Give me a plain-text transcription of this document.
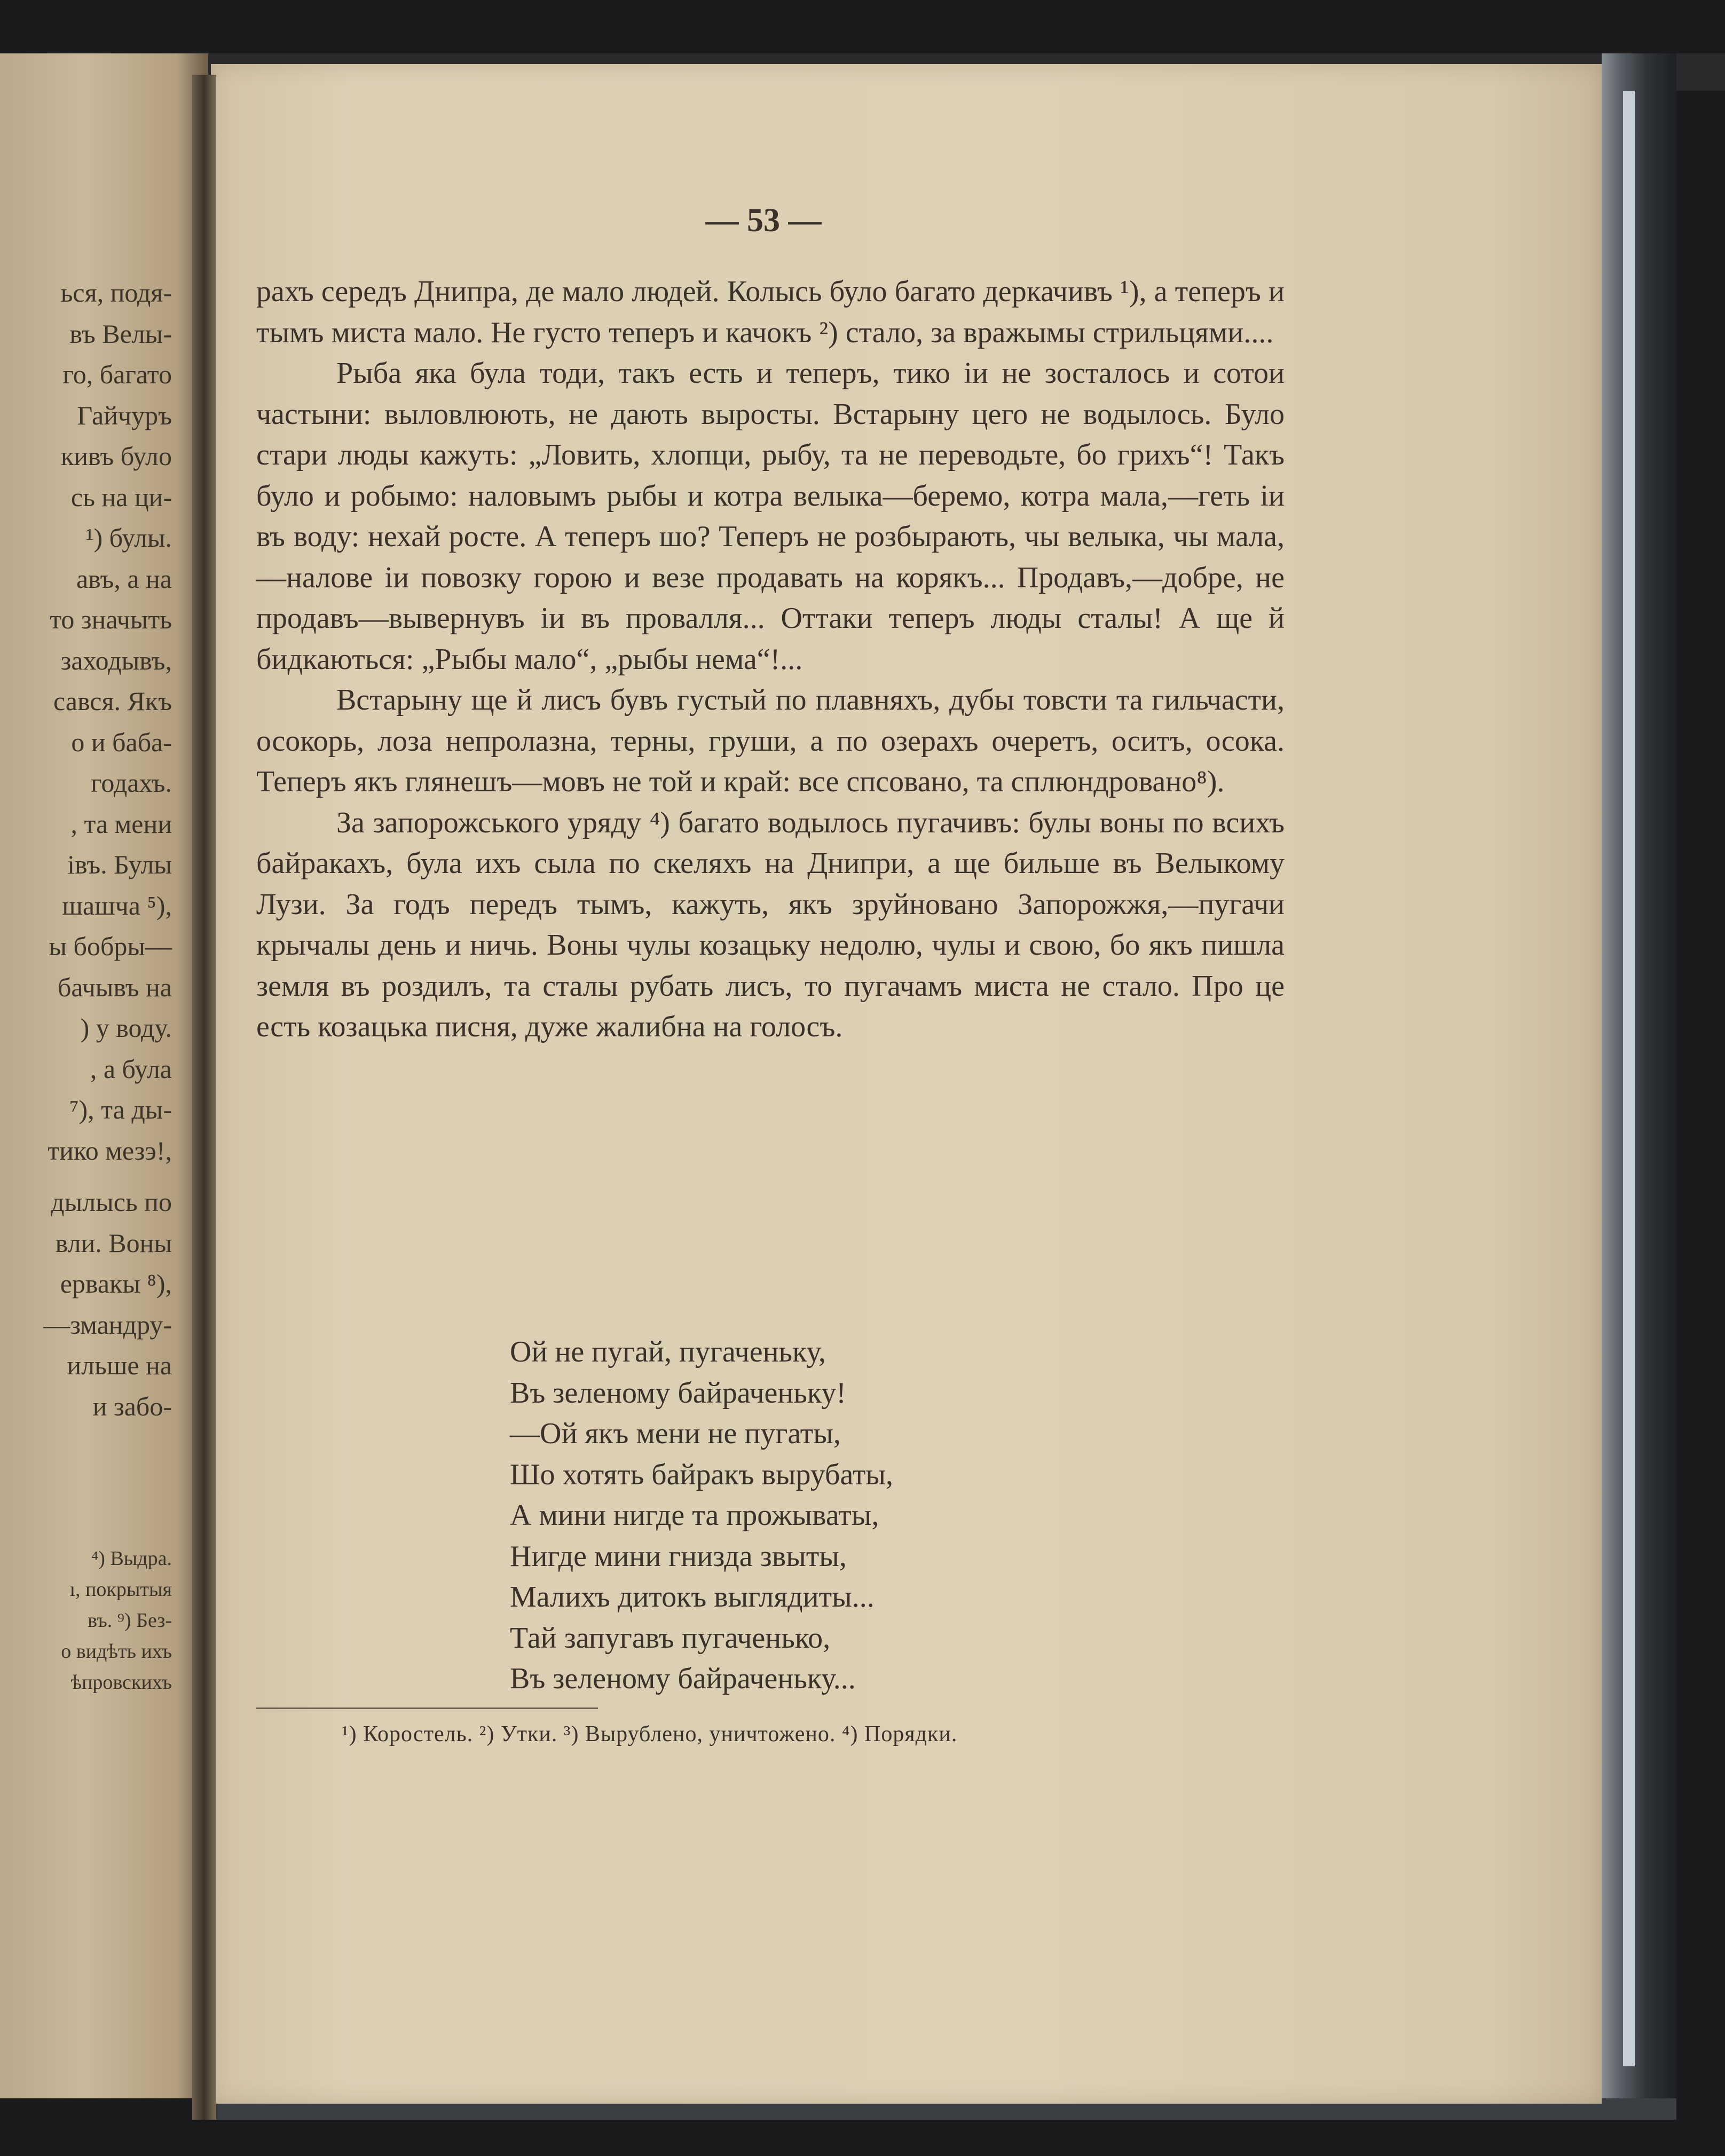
ься, подя-
въ Велы-
го, багато
Гайчуръ
кивъ було
сь на ци-
¹) булы.
авъ, а на
то значыть
заходывъ,
сався. Якъ
о и баба-
годахъ.
, та мени
івъ. Булы
шашча ⁵),
ы бобры—
бачывъ на
) у воду.
, а була
⁷), та ды-
тико мезэ!,
дылысь по
вли. Воны
ервакы ⁸),
—змандру-
ильше на
и забо-
⁴) Выдра.
ı, покрытыя
въ. ⁹) Без-
о видѣть ихъ
ѣпровскихъ
— 53 —

рахъ середъ Днипра, де мало людей. Колысь було багато деркачивъ ¹), а теперъ и тымъ миста мало. Не густо теперъ и качокъ ²) стало, за вражымы стрильцями....

Рыба яка була тоди, такъ есть и теперъ, тико іи не зосталось и сотои частыни: выловлюють, не дають выросты. Встарыну цего не водылось. Було стари люды кажуть: „Ловить, хлопци, рыбу, та не переводьте, бо грихъ“! Такъ було и робымо: наловымъ рыбы и котра велыка—беремо, котра мала,—геть іи въ воду: нехай росте. А теперъ шо? Теперъ не розбырають, чы велыка, чы мала,—налове іи повозку горою и везе продавать на корякъ... Продавъ,—добре, не продавъ—вывернувъ іи въ провалля... Оттаки теперъ люды сталы! А ще й бидкаються: „Рыбы мало“, „рыбы нема“!...

Встарыну ще й лисъ бувъ густый по плавняхъ, дубы товсти та гильчасти, осокорь, лоза непролазна, терны, груши, а по озерахъ очеретъ, оситъ, осока. Теперъ якъ глянешъ—мовъ не той и край: все спсовано, та сплюндровано⁸).

За запорожського уряду ⁴) багато водылось пугачивъ: булы воны по всихъ байракахъ, була ихъ сыла по скеляхъ на Днипри, а ще бильше въ Велыкому Лузи. За годъ передъ тымъ, кажуть, якъ зруйновано Запорожжя,—пугачи крычалы день и ничь. Воны чулы козацьку недолю, чулы и свою, бо якъ пишла земля въ роздилъ, та сталы рубать лисъ, то пугачамъ миста не стало. Про це есть козацька писня, дуже жалибна на голосъ.

Ой не пугай, пугаченьку,
Въ зеленому байраченьку!
—Ой якъ мени не пугаты,
Шо хотять байракъ вырубаты,
А мини нигде та прожываты,
Нигде мини гнизда звыты,
Малихъ дитокъ выглядиты...
Тай запугавъ пугаченько,
Въ зеленому байраченьку...
¹) Коростель. ²) Утки. ³) Вырублено, уничтожено. ⁴) Порядки.
